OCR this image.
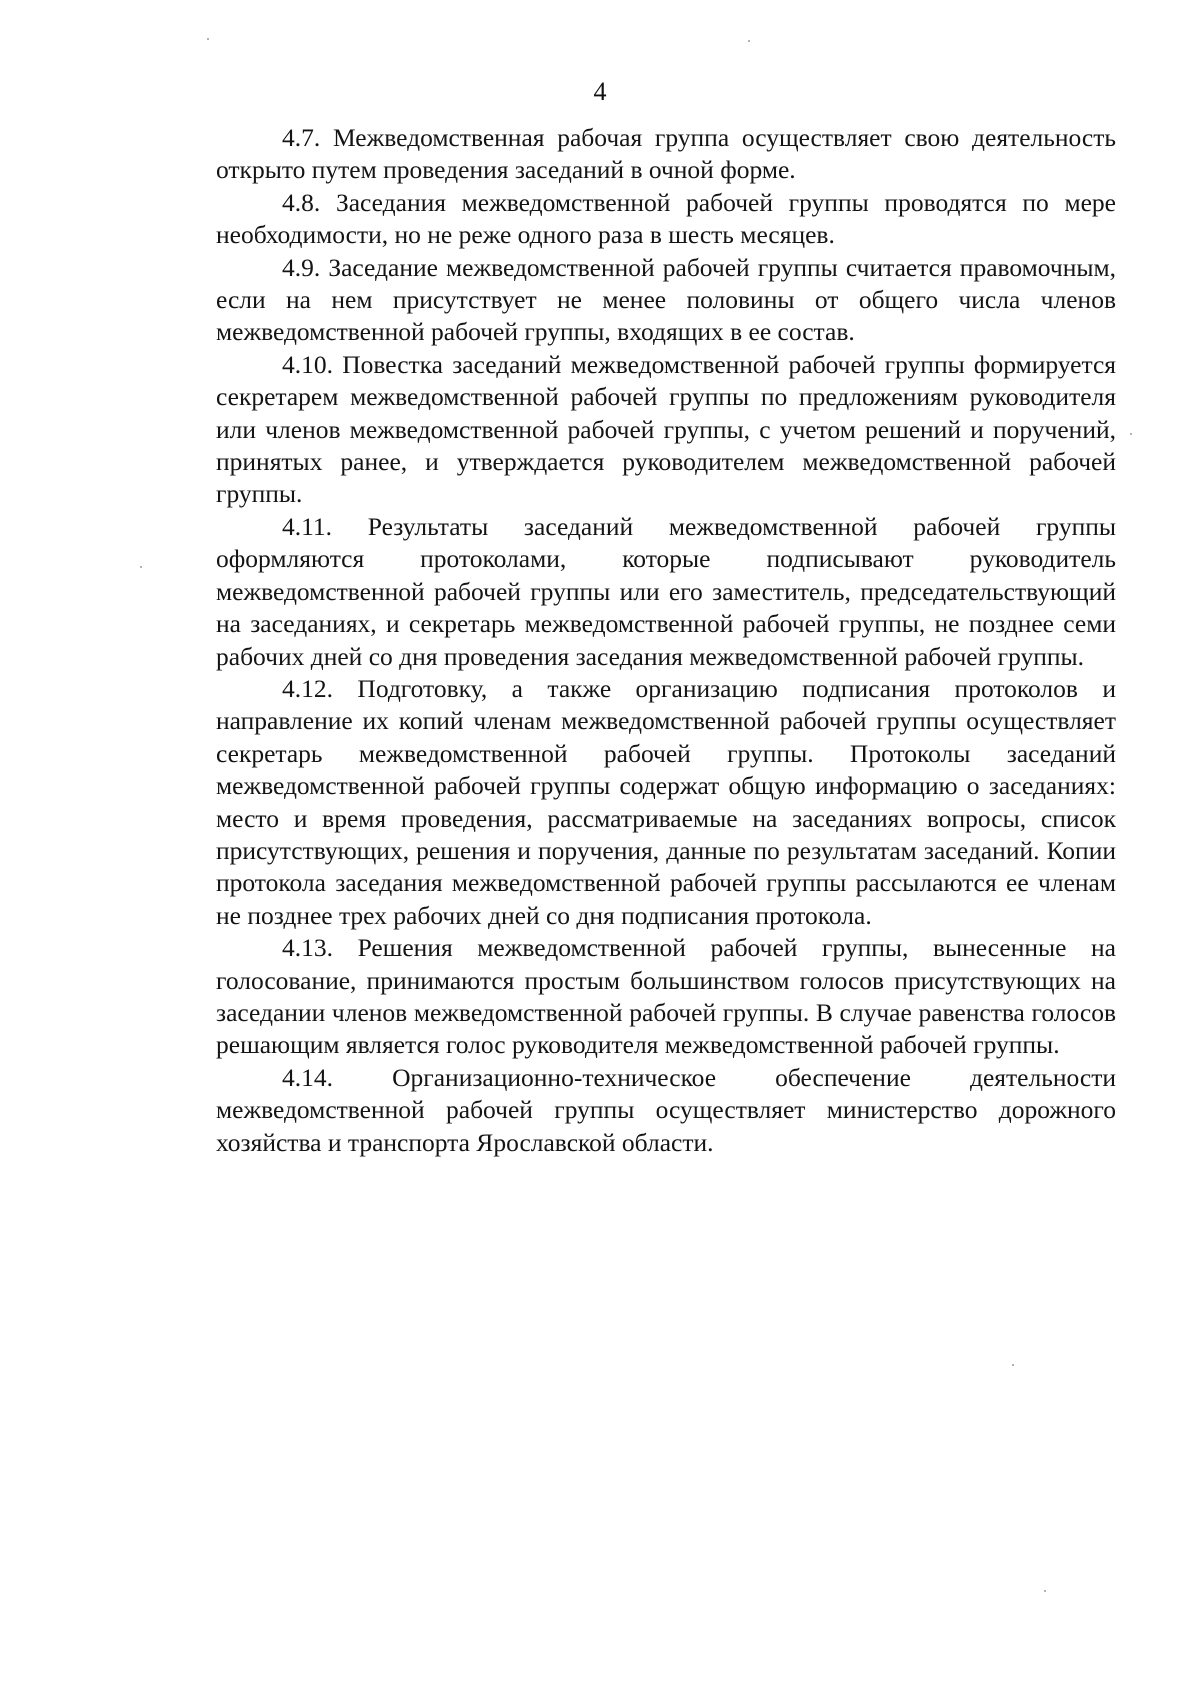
4

4.7. Межведомственная рабочая группа осуществляет свою деятельность открыто путем проведения заседаний в очной форме.

4.8. Заседания межведомственной рабочей группы проводятся по мере необходимости, но не реже одного раза в шесть месяцев.

4.9. Заседание межведомственной рабочей группы считается правомочным, если на нем присутствует не менее половины от общего числа членов межведомственной рабочей группы, входящих в ее состав.

4.10. Повестка заседаний межведомственной рабочей группы формируется секретарем межведомственной рабочей группы по предложениям руководителя или членов межведомственной рабочей группы, с учетом решений и поручений, принятых ранее, и утверждается руководителем межведомственной рабочей группы.

4.11. Результаты заседаний межведомственной рабочей группы оформляются протоколами, которые подписывают руководитель межведомственной рабочей группы или его заместитель, председательствующий на заседаниях, и секретарь межведомственной рабочей группы, не позднее семи рабочих дней со дня проведения заседания межведомственной рабочей группы.

4.12. Подготовку, а также организацию подписания протоколов и направление их копий членам межведомственной рабочей группы осуществляет секретарь межведомственной рабочей группы. Протоколы заседаний межведомственной рабочей группы содержат общую информацию о заседаниях: место и время проведения, рассматриваемые на заседаниях вопросы, список присутствующих, решения и поручения, данные по результатам заседаний. Копии протокола заседания межведомственной рабочей группы рассылаются ее членам не позднее трех рабочих дней со дня подписания протокола.

4.13. Решения межведомственной рабочей группы, вынесенные на голосование, принимаются простым большинством голосов присутствующих на заседании членов межведомственной рабочей группы. В случае равенства голосов решающим является голос руководителя межведомственной рабочей группы.

4.14. Организационно-техническое обеспечение деятельности межведомственной рабочей группы осуществляет министерство дорожного хозяйства и транспорта Ярославской области.
